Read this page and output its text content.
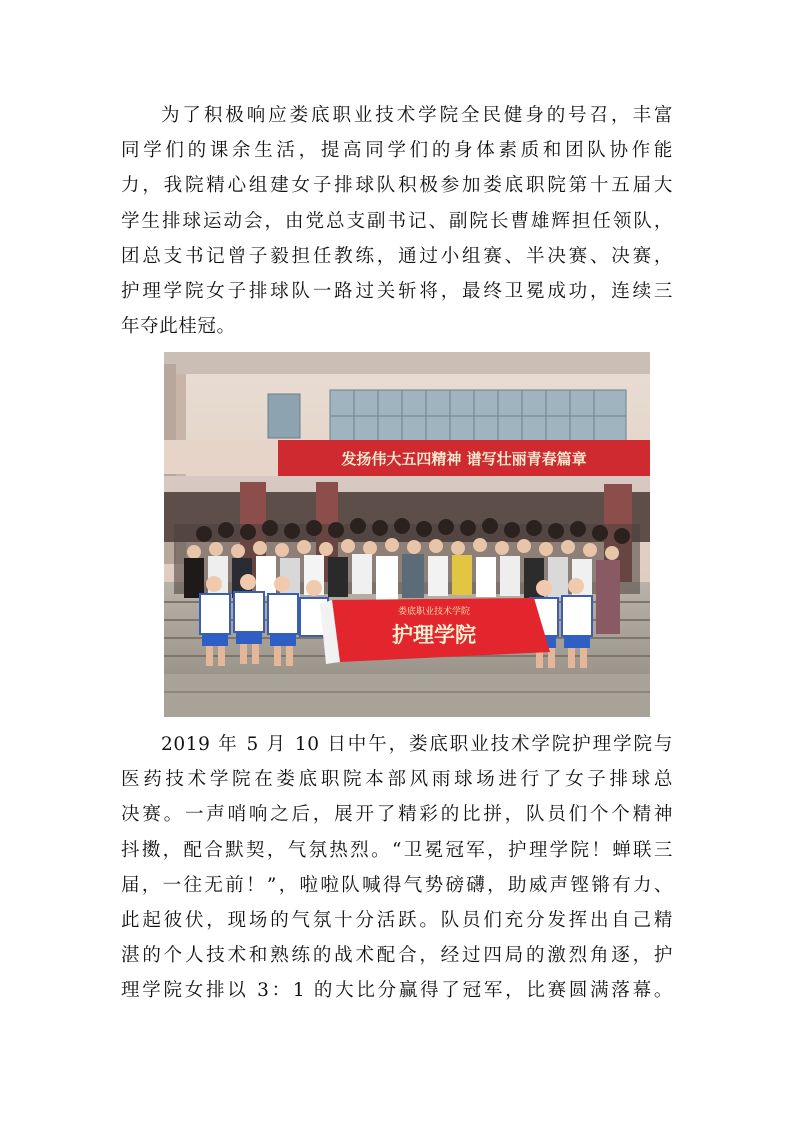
为了积极响应娄底职业技术学院全民健身的号召，丰富
同学们的课余生活，提高同学们的身体素质和团队协作能
力，我院精心组建女子排球队积极参加娄底职院第十五届大
学生排球运动会，由党总支副书记、副院长曹雄辉担任领队，
团总支书记曾子毅担任教练，通过小组赛、半决赛、决赛，
护理学院女子排球队一路过关斩将，最终卫冕成功，连续三
年夺此桂冠。
发扬伟大五四精神 谱写壮丽青春篇章
娄底职业技术学院
护理学院
2019 年 5 月 10 日中午，娄底职业技术学院护理学院与
医药技术学院在娄底职院本部风雨球场进行了女子排球总
决赛。一声哨响之后，展开了精彩的比拼，队员们个个精神
抖擞，配合默契，气氛热烈。“卫冕冠军，护理学院！蝉联三
届，一往无前！”，啦啦队喊得气势磅礴，助威声铿锵有力、
此起彼伏，现场的气氛十分活跃。队员们充分发挥出自己精
湛的个人技术和熟练的战术配合，经过四局的激烈角逐，护
理学院女排以 3：1 的大比分赢得了冠军，比赛圆满落幕。
